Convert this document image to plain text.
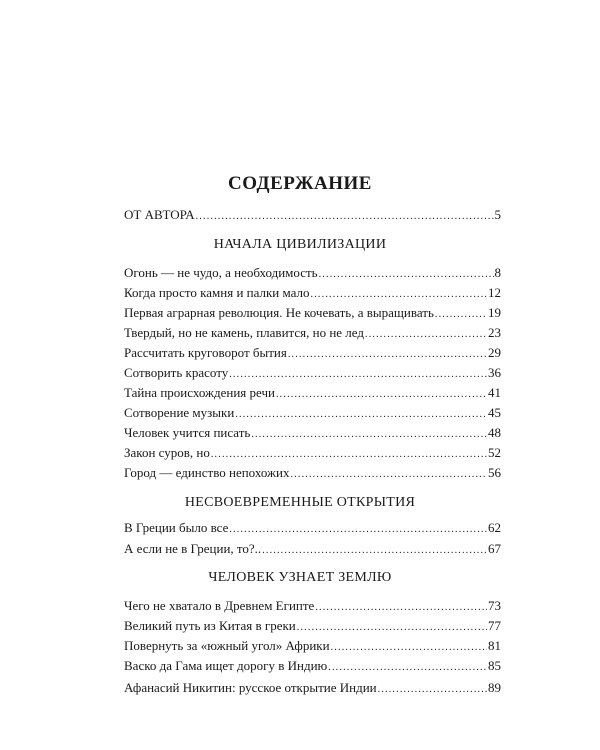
СОДЕРЖАНИЕ
ОТ АВТОРА .....	5
НАЧАЛА ЦИВИЛИЗАЦИИ
Огонь — не чудо, а необходимость .....	8
Когда просто камня и палки мало .....	12
Первая аграрная революция. Не кочевать, а выращивать .....	19
Твердый, но не камень, плавится, но не лед .....	23
Рассчитать круговорот бытия .....	29
Сотворить красоту .....	36
Тайна происхождения речи .....	41
Сотворение музыки .....	45
Человек учится писать .....	48
Закон суров, но .....	52
Город — единство непохожих .....	56
НЕСВОЕВРЕМЕННЫЕ ОТКРЫТИЯ
В Греции было все .....	62
А если не в Греции, то?.. .....	67
ЧЕЛОВЕК УЗНАЕТ ЗЕМЛЮ
Чего не хватало в Древнем Египте .....	73
Великий путь из Китая в греки .....	77
Повернуть за «южный угол» Африки .....	81
Васко да Гама ищет дорогу в Индию .....	85
Афанасий Никитин: русское открытие Индии .....	89
